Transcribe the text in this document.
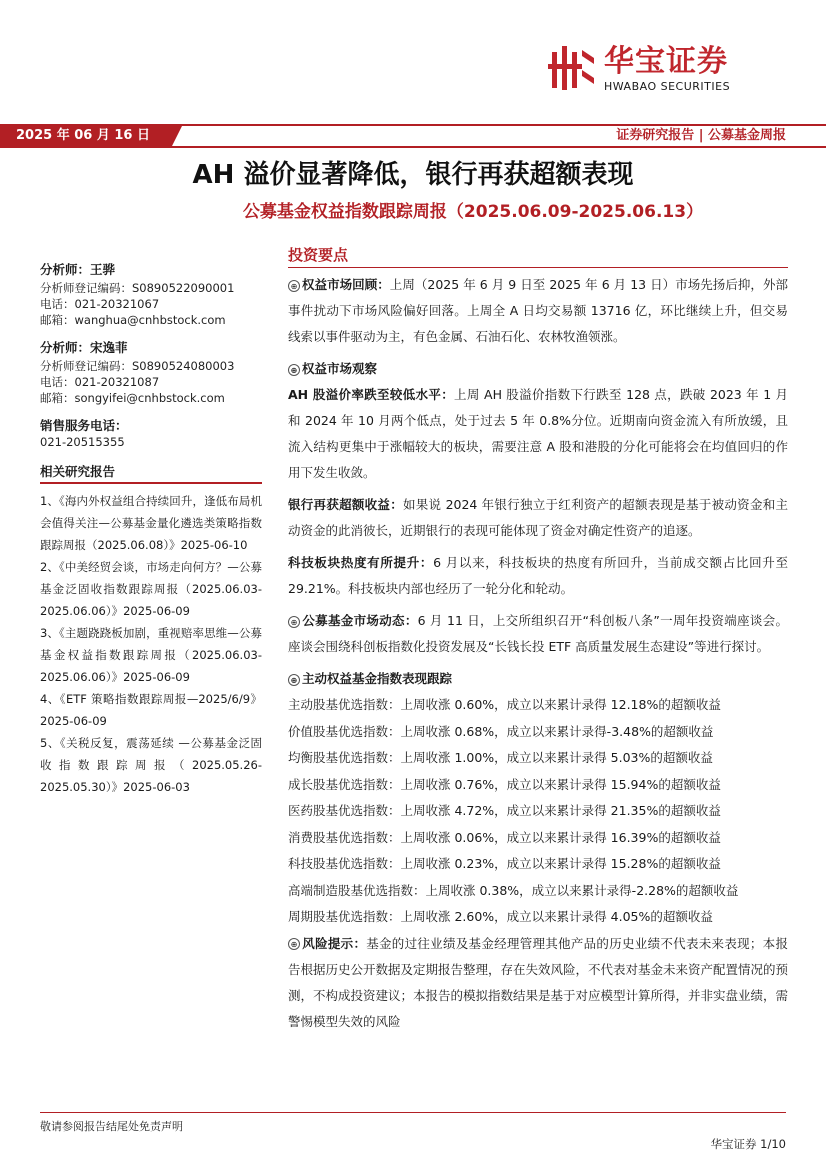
华宝证券
HWABAO SECURITIES
2025 年 06 月 16 日	证券研究报告 | 公募基金周报
AH 溢价显著降低，银行再获超额表现
公募基金权益指数跟踪周报（2025.06.09-2025.06.13）
分析师：王骅
分析师登记编码：S0890522090001
电话：021-20321067
邮箱：wanghua@cnhbstock.com
分析师：宋逸菲
分析师登记编码：S0890524080003
电话：021-20321087
邮箱：songyifei@cnhbstock.com
销售服务电话：
021-20515355
相关研究报告
1、《海内外权益组合持续回升，逢低布局机会值得关注—公募基金量化遴选类策略指数跟踪周报（2025.06.08）》2025-06-10
2、《中美经贸会谈，市场走向何方？—公募基金泛固收指数跟踪周报（2025.06.03-2025.06.06）》2025-06-09
3、《主题跷跷板加剧，重视赔率思维—公募基金权益指数跟踪周报（2025.06.03-2025.06.06）》2025-06-09
4、《ETF 策略指数跟踪周报—2025/6/9》2025-06-09
5、《关税反复，震荡延续 —公募基金泛固收指数跟踪周报（2025.05.26-2025.05.30）》2025-06-03
投资要点
⊕ 权益市场回顾：上周（2025 年 6 月 9 日至 2025 年 6 月 13 日）市场先扬后抑，外部事件扰动下市场风险偏好回落。上周全 A 日均交易额 13716 亿，环比继续上升，但交易线索以事件驱动为主，有色金属、石油石化、农林牧渔领涨。
⊕ 权益市场观察
AH 股溢价率跌至较低水平：上周 AH 股溢价指数下行跌至 128 点，跌破 2023 年 1 月和 2024 年 10 月两个低点，处于过去 5 年 0.8%分位。近期南向资金流入有所放缓，且流入结构更集中于涨幅较大的板块，需要注意 A 股和港股的分化可能将会在均值回归的作用下发生收敛。
银行再获超额收益：如果说 2024 年银行独立于红利资产的超额表现是基于被动资金和主动资金的此消彼长，近期银行的表现可能体现了资金对确定性资产的追逐。
科技板块热度有所提升：6 月以来，科技板块的热度有所回升，当前成交额占比回升至 29.21%。科技板块内部也经历了一轮分化和轮动。
⊕ 公募基金市场动态：6 月 11 日，上交所组织召开“科创板八条”一周年投资端座谈会。座谈会围绕科创板指数化投资发展及“长钱长投 ETF 高质量发展生态建设”等进行探讨。
⊕ 主动权益基金指数表现跟踪
主动股基优选指数：上周收涨 0.60%，成立以来累计录得 12.18%的超额收益
价值股基优选指数：上周收涨 0.68%，成立以来累计录得-3.48%的超额收益
均衡股基优选指数：上周收涨 1.00%，成立以来累计录得 5.03%的超额收益
成长股基优选指数：上周收涨 0.76%，成立以来累计录得 15.94%的超额收益
医药股基优选指数：上周收涨 4.72%，成立以来累计录得 21.35%的超额收益
消费股基优选指数：上周收涨 0.06%，成立以来累计录得 16.39%的超额收益
科技股基优选指数：上周收涨 0.23%，成立以来累计录得 15.28%的超额收益
高端制造股基优选指数：上周收涨 0.38%，成立以来累计录得-2.28%的超额收益
周期股基优选指数：上周收涨 2.60%，成立以来累计录得 4.05%的超额收益
⊕ 风险提示：基金的过往业绩及基金经理管理其他产品的历史业绩不代表未来表现；本报告根据历史公开数据及定期报告整理，存在失效风险，不代表对基金未来资产配置情况的预测，不构成投资建议；本报告的模拟指数结果是基于对应模型计算所得，并非实盘业绩，需警惕模型失效的风险
敬请参阅报告结尾处免责声明
华宝证券 1/10
